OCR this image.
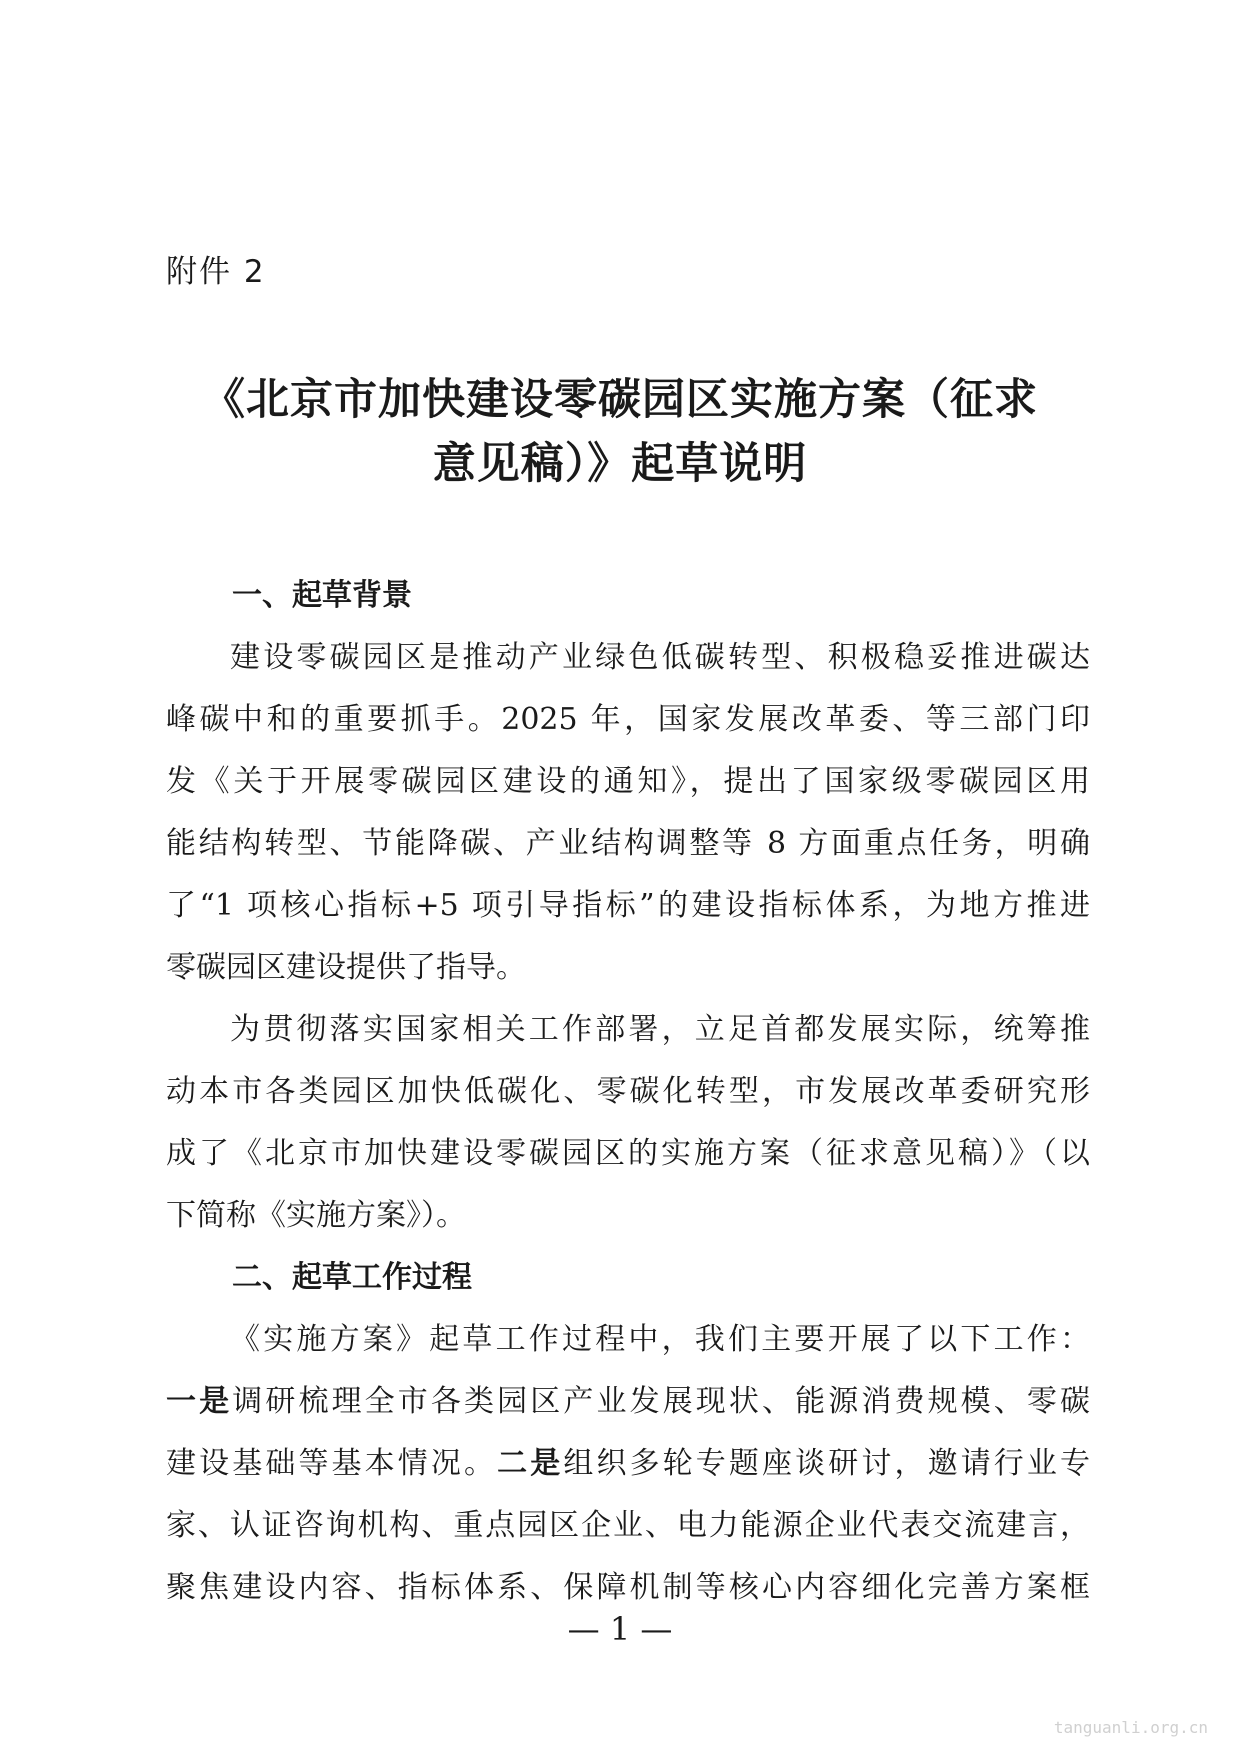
附件 2
《北京市加快建设零碳园区实施方案（征求
意见稿）》起草说明
一、起草背景
建设零碳园区是推动产业绿色低碳转型、积极稳妥推进碳达
峰碳中和的重要抓手。2025 年，国家发展改革委、等三部门印
发《关于开展零碳园区建设的通知》，提出了国家级零碳园区用
能结构转型、节能降碳、产业结构调整等 8 方面重点任务，明确
了“1 项核心指标+5 项引导指标”的建设指标体系，为地方推进
零碳园区建设提供了指导。
为贯彻落实国家相关工作部署，立足首都发展实际，统筹推
动本市各类园区加快低碳化、零碳化转型，市发展改革委研究形
成了《北京市加快建设零碳园区的实施方案（征求意见稿）》（以
下简称《实施方案》）。
二、起草工作过程
《实施方案》起草工作过程中，我们主要开展了以下工作：
一是调研梳理全市各类园区产业发展现状、能源消费规模、零碳
建设基础等基本情况。二是组织多轮专题座谈研讨，邀请行业专
家、认证咨询机构、重点园区企业、电力能源企业代表交流建言，
聚焦建设内容、指标体系、保障机制等核心内容细化完善方案框
— 1 —
tanguanli.org.cn
